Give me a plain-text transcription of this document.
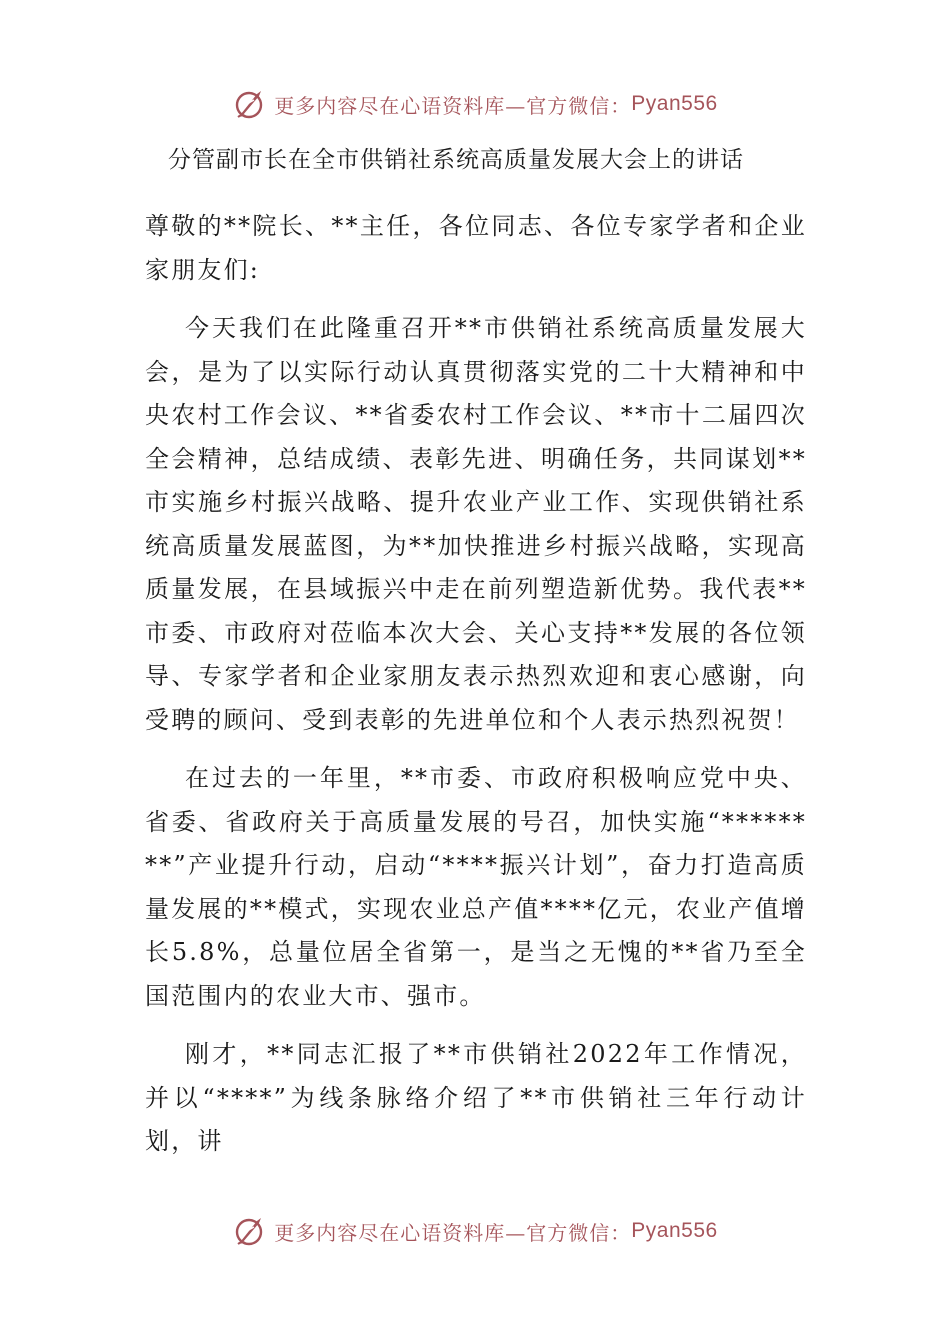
更多内容尽在心语资料库—官方微信： Pyan556
分管副市长在全市供销社系统高质量发展大会上的讲话

尊敬的**院长、**主任，各位同志、各位专家学者和企业家朋友们:

今天我们在此隆重召开**市供销社系统高质量发展大会，是为了以实际行动认真贯彻落实党的二十大精神和中央农村工作会议、**省委农村工作会议、**市十二届四次全会精神，总结成绩、表彰先进、明确任务，共同谋划**市实施乡村振兴战略、提升农业产业工作、实现供销社系统高质量发展蓝图，为**加快推进乡村振兴战略，实现高质量发展，在县域振兴中走在前列塑造新优势。我代表**市委、市政府对莅临本次大会、关心支持**发展的各位领导、专家学者和企业家朋友表示热烈欢迎和衷心感谢，向受聘的顾问、受到表彰的先进单位和个人表示热烈祝贺！

在过去的一年里，**市委、市政府积极响应党中央、省委、省政府关于高质量发展的号召，加快实施“********”产业提升行动，启动“****振兴计划”，奋力打造高质量发展的**模式，实现农业总产值****亿元，农业产值增长5.8%，总量位居全省第一，是当之无愧的**省乃至全国范围内的农业大市、强市。

刚才，**同志汇报了**市供销社2022年工作情况，并以“****”为线条脉络介绍了**市供销社三年行动计划，讲

更多内容尽在心语资料库—官方微信： Pyan556
